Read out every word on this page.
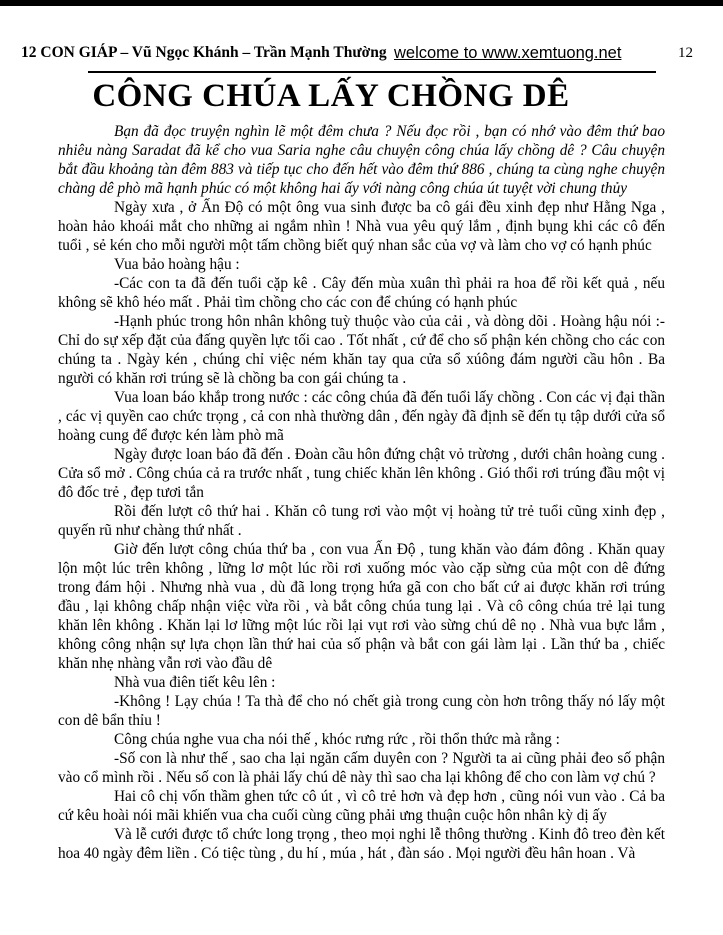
12 CON GIÁP – Vũ Ngọc Khánh – Trần Mạnh Thường welcome to www.xemtuong.net	12
CÔNG CHÚA LẤY CHỒNG DÊ

Bạn đã đọc truyện nghìn lẽ một đêm chưa ? Nếu đọc rồi , bạn có nhớ vào đêm thứ bao nhiêu nàng Saradat đã kể cho vua Saria nghe câu chuyện công chúa lấy chồng dê ? Câu chuyện bắt đầu khoảng tàn đêm 883 và tiếp tục cho đến hết vào đêm thứ 886 , chúng ta cùng nghe chuyện chàng dê phò mã hạnh phúc có một không hai ấy với nàng công chúa út tuyệt vời chung thủy

Ngày xưa , ở Ấn Độ có một ông vua sinh được ba cô gái đều xinh đẹp như Hằng Nga , hoàn hảo khoái mắt cho những ai ngắm nhìn ! Nhà vua yêu quý lắm , định bụng khi các cô đến tuổi , sẻ kén cho mỗi người một tấm chồng biết quý nhan sắc của vợ và làm cho vợ có hạnh phúc

Vua bảo hoàng hậu :

-Các con ta đã đến tuổi cặp kê . Cây đến mùa xuân thì phải ra hoa để rồi kết quả , nếu không sẽ khô héo mất . Phải tìm chồng cho các con để chúng có hạnh phúc

-Hạnh phúc trong hôn nhân không tuỳ thuộc vào của cải , và dòng dõi . Hoàng hậu nói :- Chỉ do sự xếp đặt của đấng quyền lực tối cao . Tốt nhất , cứ để cho số phận kén chồng cho các con chúng ta . Ngày kén , chúng chỉ việc ném khăn tay qua cửa sổ xúông đám người cầu hôn . Ba người có khăn rơi trúng sẽ là chồng ba con gái chúng ta .

Vua loan báo khắp trong nước : các công chúa đã đến tuổi lấy chồng . Con các vị đại thần , các vị quyền cao chức trọng , cả con nhà thường dân , đến ngày đã định sẽ đến tụ tập dưới cửa sổ hoàng cung để được kén làm phò mã

Ngày được loan báo đã đến . Đoàn cầu hôn đứng chật vỏ trừơng , dưới chân hoàng cung . Cửa sổ mở . Công chúa cả ra trước nhất , tung chiếc khăn lên không . Gió thổi rơi trúng đầu một vị đô đốc trẻ , đẹp tươi tắn

Rồi đến lượt cô thứ hai . Khăn cô tung rơi vào một vị hoàng tử trẻ tuổi cũng xinh đẹp , quyến rũ như chàng thứ nhất .

Giờ đến lượt công chúa thứ ba , con vua Ấn Độ , tung khăn vào đám đông . Khăn quay lộn một lúc trên không , lững lơ một lúc rồi rơi xuống móc vào cặp sừng của một con dê đứng trong đám hội . Nhưng nhà vua , dù đã long trọng hứa gã con cho bất cứ ai được khăn rơi trúng đầu , lại không chấp nhận việc vừa rồi , và bắt công chúa tung lại . Và cô công chúa trẻ lại tung khăn lên không . Khăn lại lơ lững một lúc rồi lại vụt rơi vào sừng chú dê nọ . Nhà vua bực lắm , không công nhận sự lựa chọn lần thứ hai của số phận và bắt con gái làm lại . Lần thứ ba , chiếc khăn nhẹ nhàng vẫn rơi vào đầu dê

Nhà vua điên tiết kêu lên :

-Không ! Lạy chúa ! Ta thà để cho nó chết già trong cung còn hơn trông thấy nó lấy một con dê bẩn thỉu !

Công chúa nghe vua cha nói thế , khóc rưng rức , rồi thổn thức mà rằng :

-Số con là như thế , sao cha lại ngăn cấm duyên con ? Người ta ai cũng phải đeo số phận vào cổ mình rồi . Nếu số con là phải lấy chú dê này thì sao cha lại không để cho con làm vợ chú ?

Hai cô chị vốn thầm ghen tức cô út , vì cô trẻ hơn và đẹp hơn , cũng nói vun vào . Cả ba cứ kêu hoài nói mãi khiến vua cha cuối cùng cũng phải ưng thuận cuộc hôn nhân kỳ dị ấy

Và lễ cưới được tổ chức long trọng , theo mọi nghi lễ thông thường . Kinh đô treo đèn kết hoa 40 ngày đêm liền . Có tiệc tùng , du hí , múa , hát , đàn sáo . Mọi người đều hân hoan . Và
